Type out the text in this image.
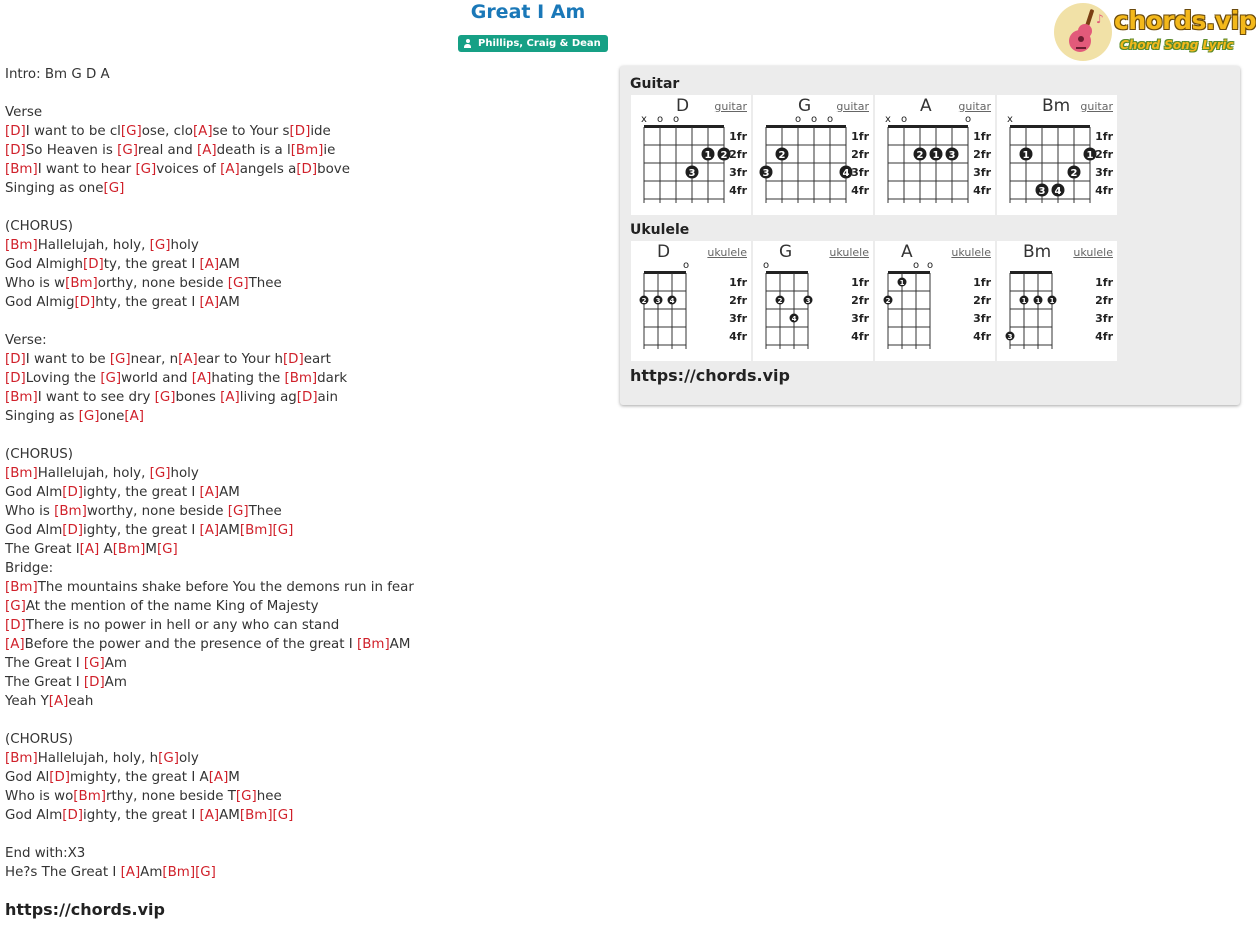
Great I Am
Phillips, Craig & Dean
♪ chords.vip
Chord Song Lyric
Intro: Bm G D A
Verse
[D]I want to be cl[G]ose, clo[A]se to Your s[D]ide
[D]So Heaven is [G]real and [A]death is a l[Bm]ie
[Bm]I want to hear [G]voices of [A]angels a[D]bove
Singing as one[G]
(CHORUS)
[Bm]Hallelujah, holy, [G]holy
God Almigh[D]ty, the great I [A]AM
Who is w[Bm]orthy, none beside [G]Thee
God Almig[D]hty, the great I [A]AM
Verse:
[D]I want to be [G]near, n[A]ear to Your h[D]eart
[D]Loving the [G]world and [A]hating the [Bm]dark
[Bm]I want to see dry [G]bones [A]living ag[D]ain
Singing as [G]one[A]
(CHORUS)
[Bm]Hallelujah, holy, [G]holy
God Alm[D]ighty, the great I [A]AM
Who is [Bm]worthy, none beside [G]Thee
God Alm[D]ighty, the great I [A]AM[Bm][G]
The Great I[A] A[Bm]M[G]
Bridge:
[Bm]The mountains shake before You the demons run in fear
[G]At the mention of the name King of Majesty
[D]There is no power in hell or any who can stand
[A]Before the power and the presence of the great I [Bm]AM
The Great I [G]Am
The Great I [D]Am
Yeah Y[A]eah
(CHORUS)
[Bm]Hallelujah, holy, h[G]oly
God Al[D]mighty, the great I A[A]M
Who is wo[Bm]rthy, none beside T[G]hee
God Alm[D]ighty, the great I [A]AM[Bm][G]
End with:X3
He?s The Great I [A]Am[Bm][G]
https://chords.vip
Guitar
x o o
1 2
3
1fr
2fr
3fr
4fr
D guitar
o o o
2
3	4
1fr
2fr
3fr
4fr
G guitar
x o	o
2 1 3
1fr
2fr
3fr
4fr
A guitar
x
1	1
2
3 4
1fr
2fr
3fr
4fr
Bm guitar
Ukulele
o
2 3 4
1fr
2fr
3fr
4fr
D	ukulele
o
2	3
4
1fr
2fr
3fr
4fr
G	ukulele
o o
1
2
1fr
2fr
3fr
4fr
A	ukulele
1 1 1
3
1fr
2fr
3fr
4fr
Bm ukulele
https://chords.vip
